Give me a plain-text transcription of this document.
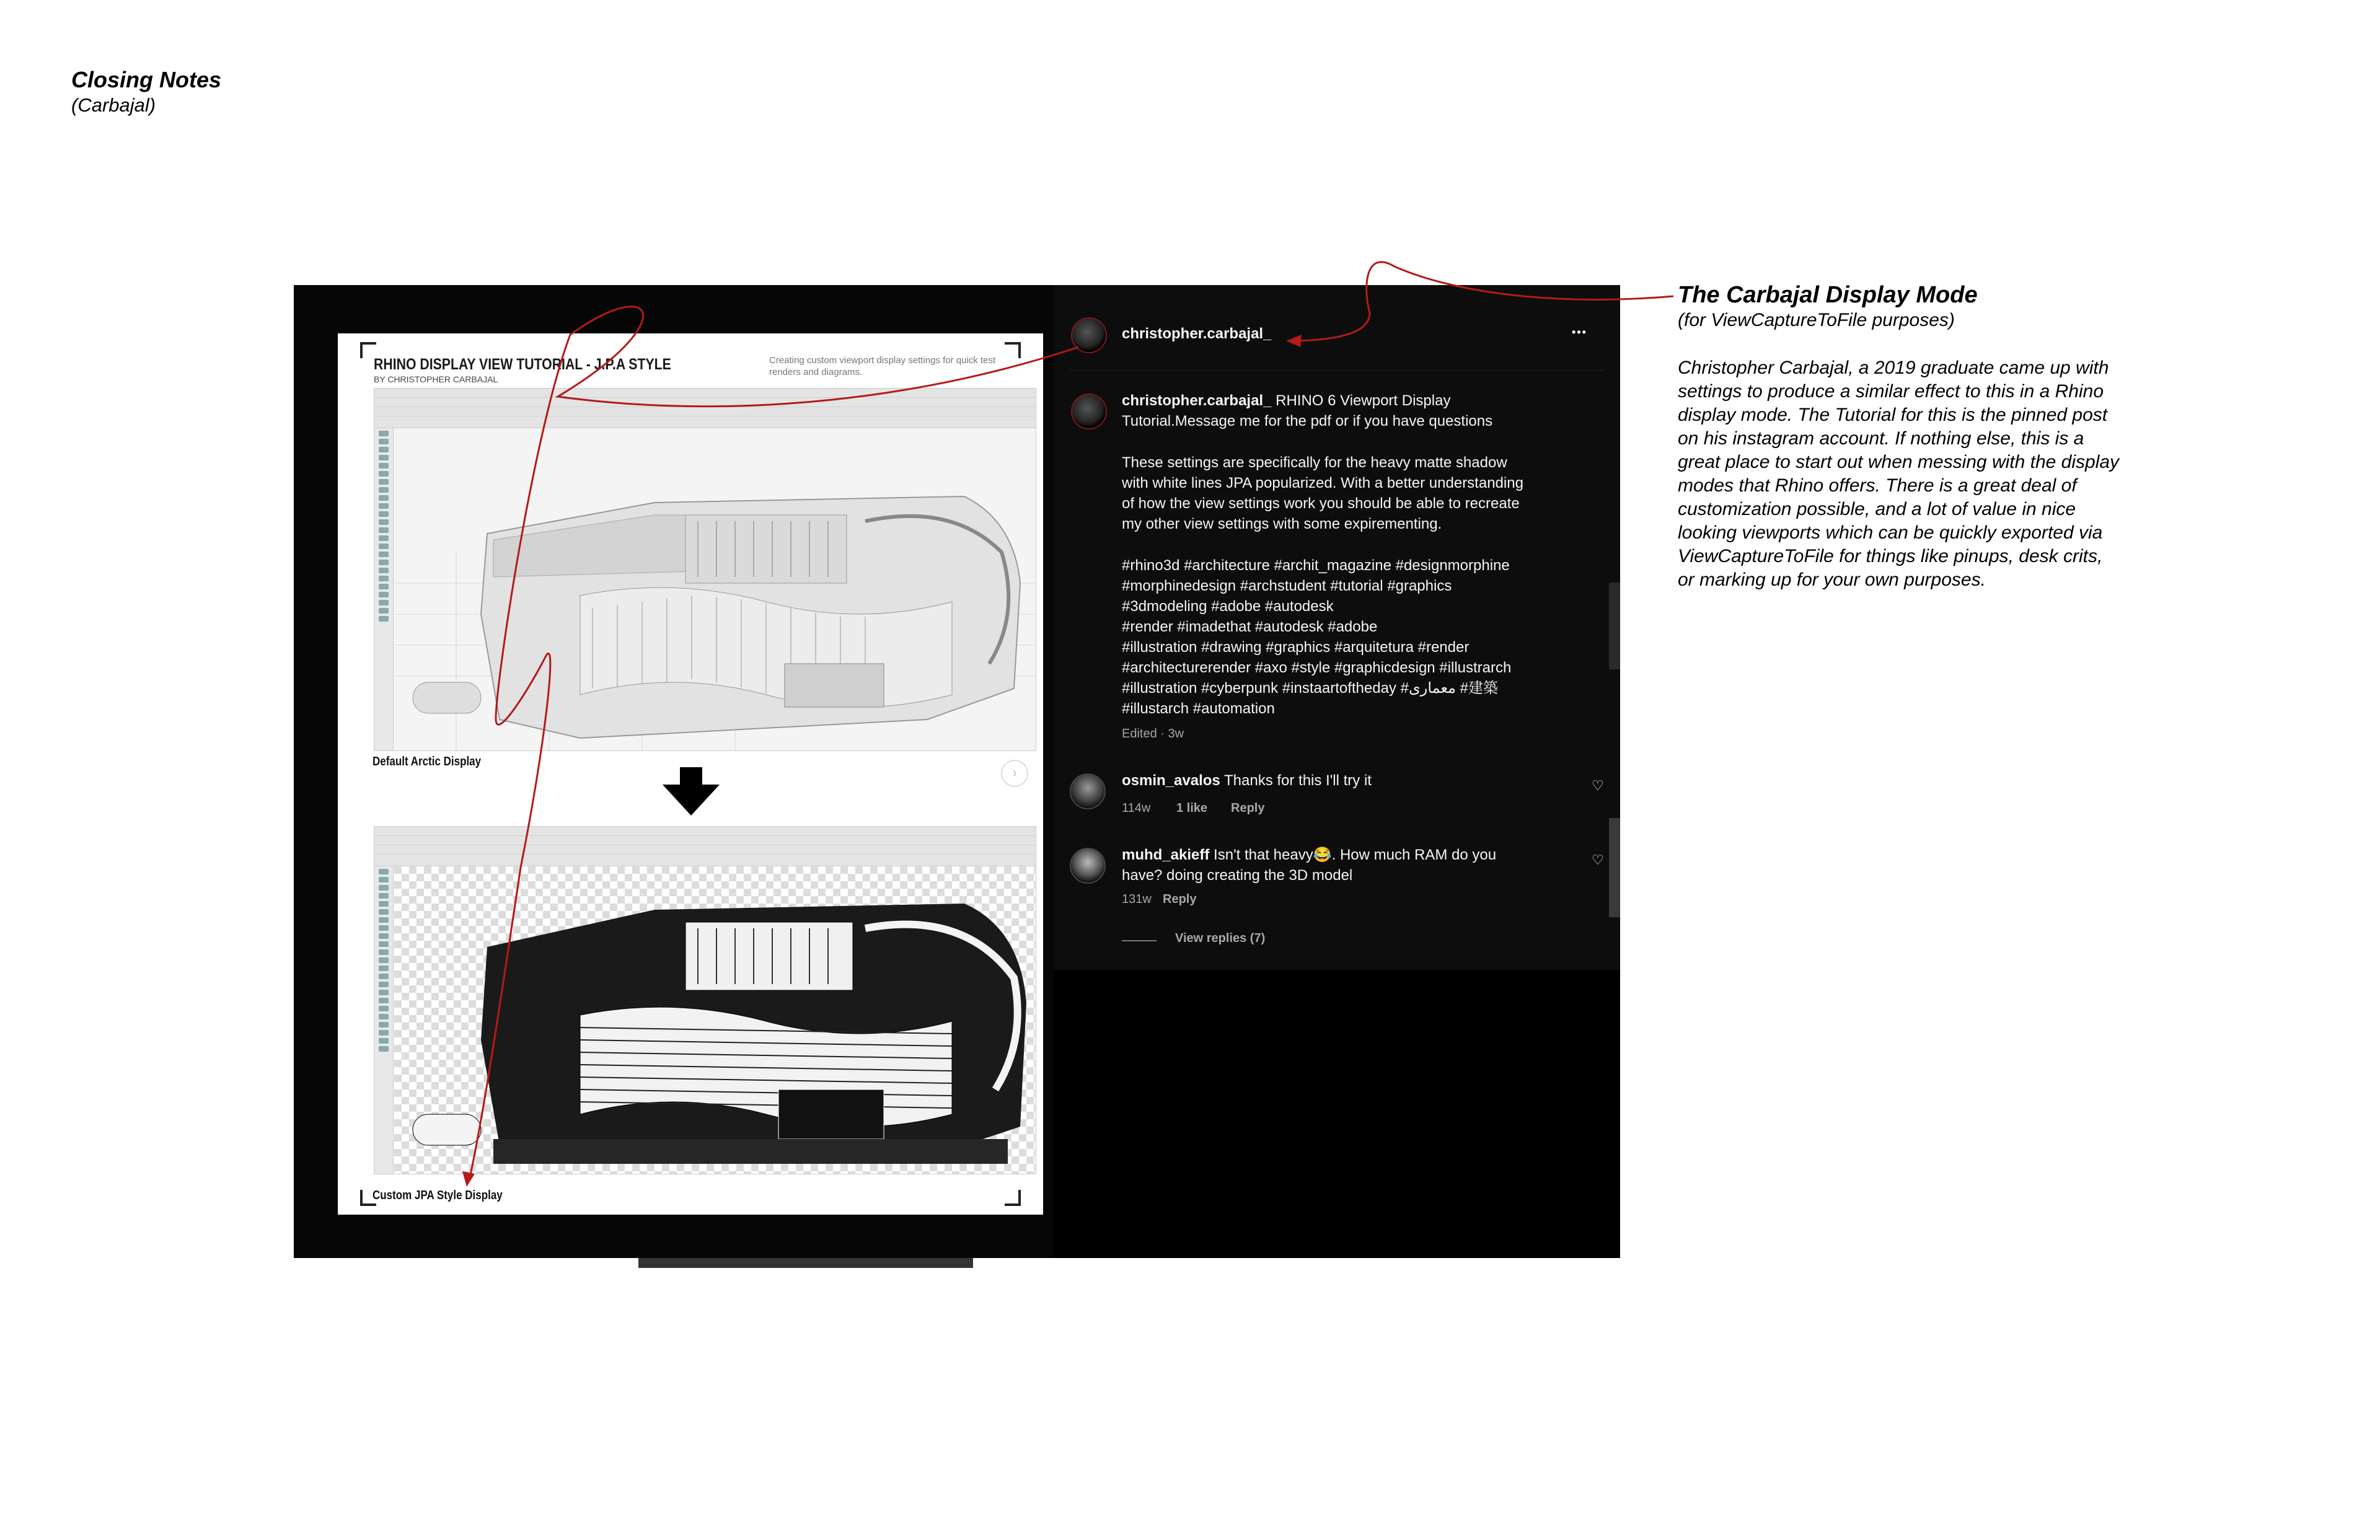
Closing Notes
(Carbajal)
RHINO DISPLAY VIEW TUTORIAL - J.P.A STYLE
BY CHRISTOPHER CARBAJAL
Creating custom viewport display settings for quick test renders and diagrams.
Default Arctic Display
Custom JPA Style Display
›
christopher.carbajal_	•••
christopher.carbajal_ RHINO 6 Viewport Display
Tutorial.Message me for the pdf or if you have questions
These settings are specifically for the heavy matte shadow
with white lines JPA popularized. With a better understanding
of how the view settings work you should be able to recreate
my other view settings with some expirementing.
#rhino3d #architecture #archit_magazine #designmorphine
#morphinedesign #archstudent #tutorial #graphics
#3dmodeling #adobe #autodesk
#render #imadethat #autodesk #adobe
#illustration #drawing #graphics #arquitetura #render
#architecturerender #axo #style #graphicdesign #illustrarch
#illustration #cyberpunk #instaartoftheday #معمارى #建築
#illustarch #automation
Edited · 3w
osmin_avalos Thanks for this I'll try it
114w 1 like Reply
♡
muhd_akieff Isn't that heavy😂. How much RAM do you
have? doing creating the 3D model
131w Reply
♡
View replies (7)
The Carbajal Display Mode
(for ViewCaptureToFile purposes)
Christopher Carbajal, a 2019 graduate came up with settings to produce a similar effect to this in a Rhino display mode. The Tutorial for this is the pinned post on his instagram account. If nothing else, this is a great place to start out when messing with the display modes that Rhino offers. There is a great deal of customization possible, and a lot of value in nice looking viewports which can be quickly exported via ViewCaptureToFile for things like pinups, desk crits, or marking up for your own purposes.
